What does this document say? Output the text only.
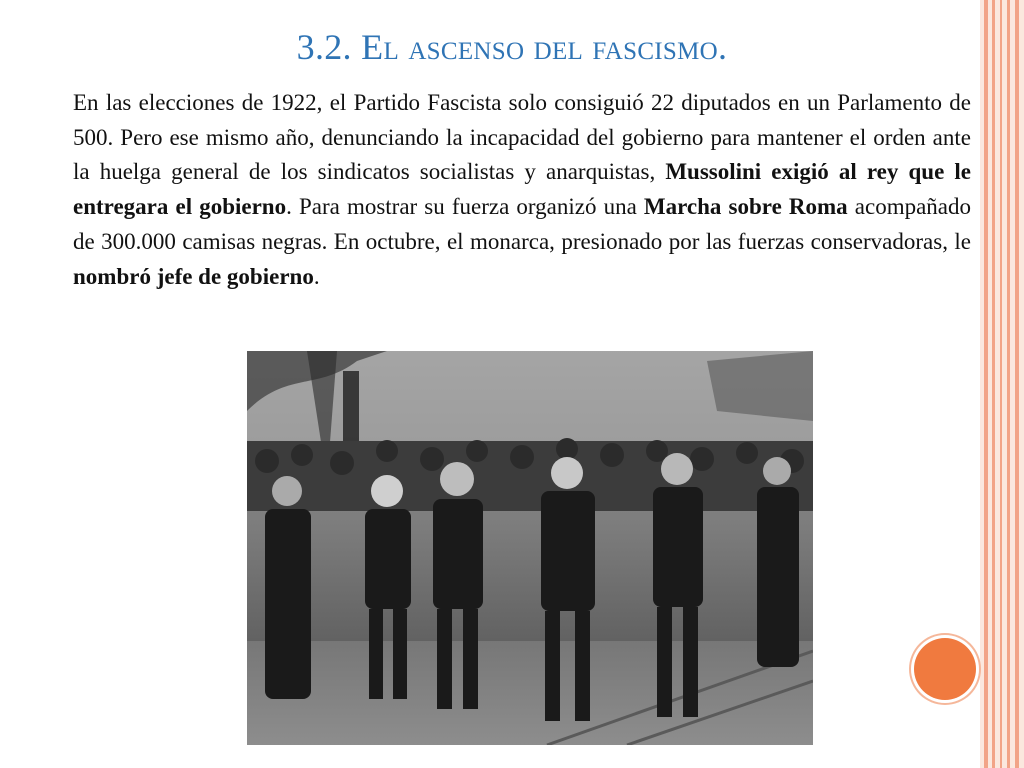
3.2. El ascenso del fascismo.

En las elecciones de 1922, el Partido Fascista solo consiguió 22 diputados en un Parlamento de 500. Pero ese mismo año, denunciando la incapacidad del gobierno para mantener el orden ante la huelga general de los sindicatos socialistas y anarquistas, Mussolini exigió al rey que le entregara el gobierno. Para mostrar su fuerza organizó una Marcha sobre Roma acompañado de 300.000 camisas negras. En octubre, el monarca, presionado por las fuerzas conservadoras, le nombró jefe de gobierno.
